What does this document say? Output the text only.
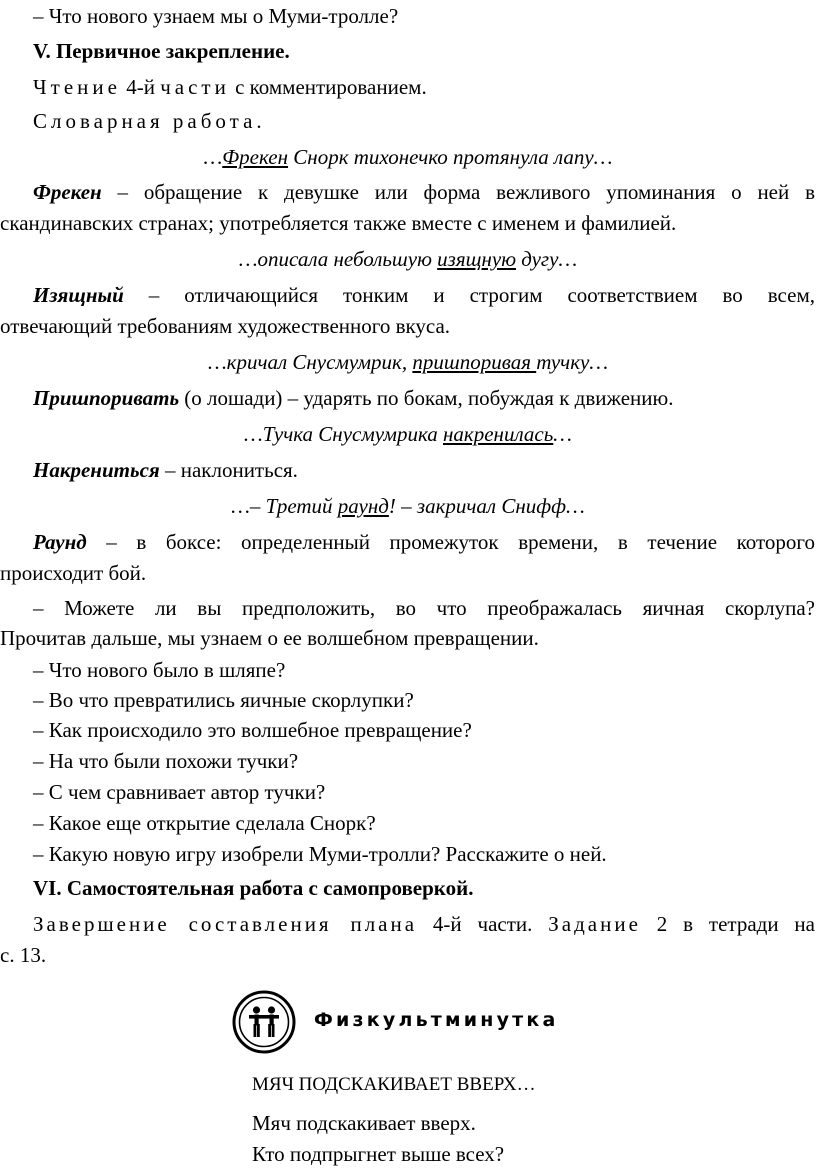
– Что нового узнаем мы о Муми-тролле?
V. Первичное закрепление.
Чтение 4-й части с комментированием.
Словарная работа.
…Фрекен Снорк тихонечко протянула лапу…
Фрекен – обращение к девушке или форма вежливого упоминания о ней в
скандинавских странах; употребляется также вместе с именем и фамилией.
…описала небольшую изящную дугу…
Изящный – отличающийся тонким и строгим соответствием во всем,
отвечающий требованиям художественного вкуса.
…кричал Снусмумрик, пришпоривая тучку…
Пришпоривать (о лошади) – ударять по бокам, побуждая к движению.
…Тучка Снусмумрика накренилась…
Накрениться – наклониться.
…– Третий раунд! – закричал Снифф…
Раунд – в боксе: определенный промежуток времени, в течение которого
происходит бой.
– Можете ли вы предположить, во что преображалась яичная скорлупа?
Прочитав дальше, мы узнаем о ее волшебном превращении.
– Что нового было в шляпе?
– Во что превратились яичные скорлупки?
– Как происходило это волшебное превращение?
– На что были похожи тучки?
– С чем сравнивает автор тучки?
– Какое еще открытие сделала Снорк?
– Какую новую игру изобрели Муми-тролли? Расскажите о ней.
VI. Самостоятельная работа с самопроверкой.
Завершение составления плана 4-й части. Задание 2 в тетради на
с. 13.
Физкультминутка
МЯЧ ПОДСКАКИВАЕТ ВВЕРХ…
Мяч подскакивает вверх.
Кто подпрыгнет выше всех?
